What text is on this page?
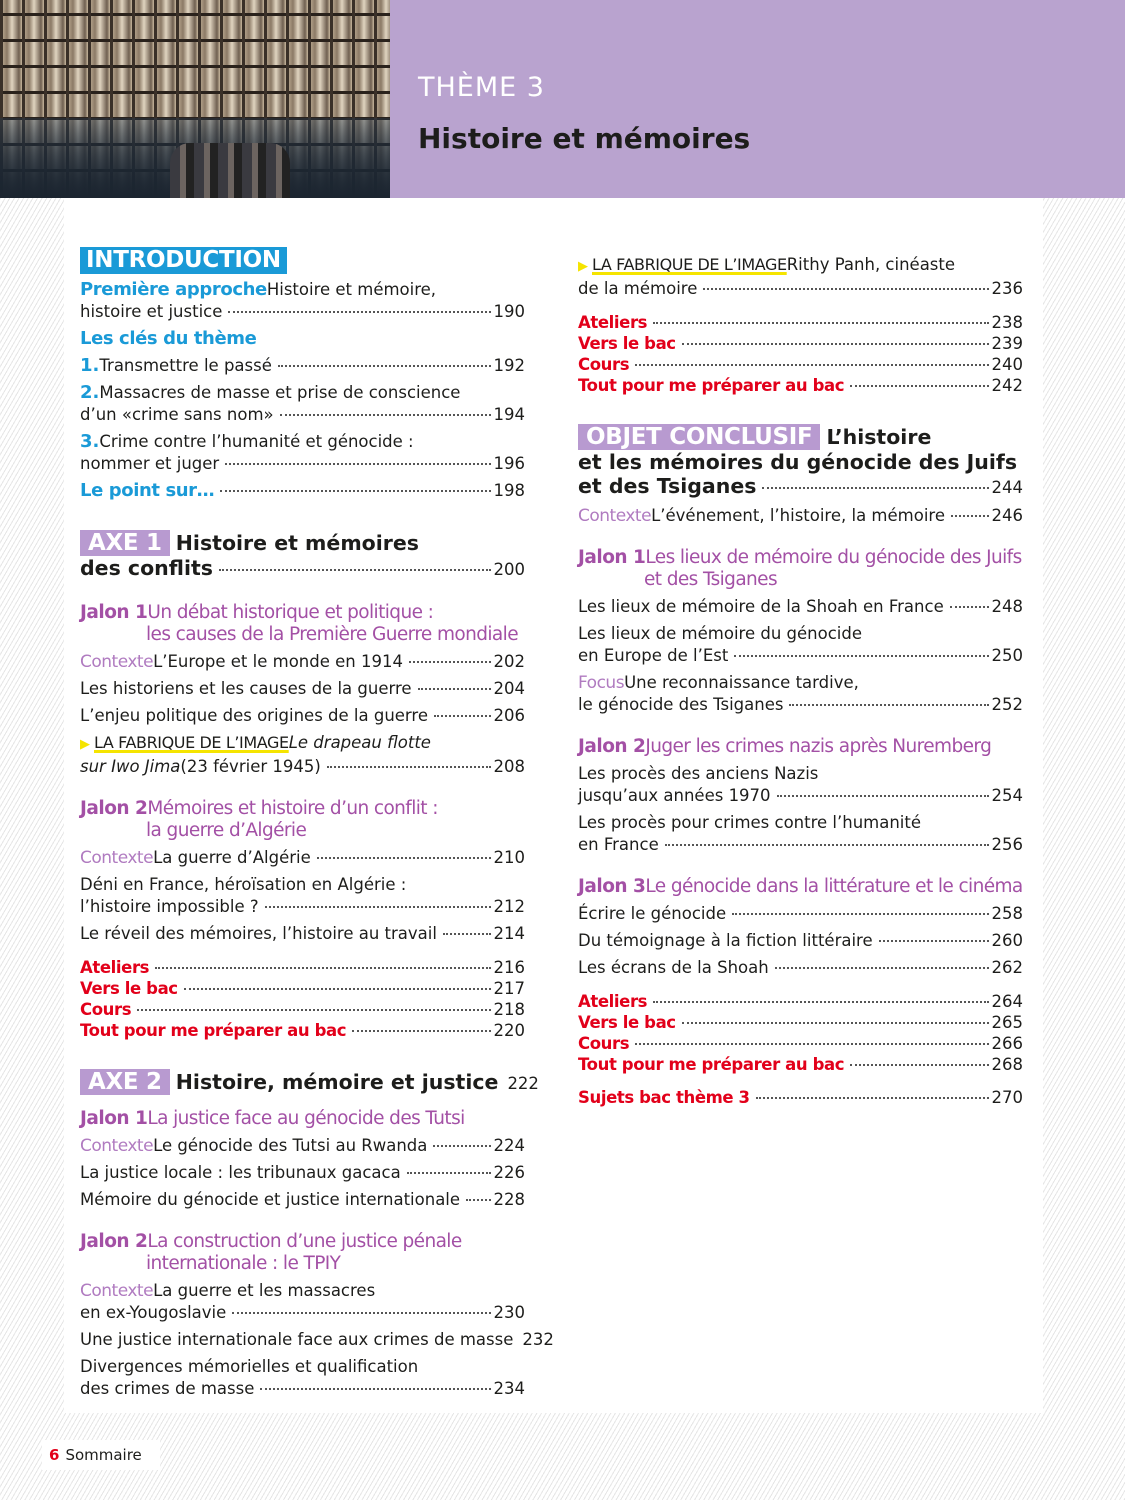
THÈME 3
Histoire et mémoires
INTRODUCTION
Première approche Histoire et mémoire,
histoire et justice	190
Les clés du thème
1. Transmettre le passé	192
2. Massacres de masse et prise de conscience
d’un «crime sans nom»	194
3. Crime contre l’humanité et génocide :
nommer et juger	196
Le point sur…	198
AXE 1 Histoire et mémoires
des conflits	200
Jalon 1 Un débat historique et politique :
les causes de la Première Guerre mondiale
Contexte L’Europe et le monde en 1914	202
Les historiens et les causes de la guerre	204
L’enjeu politique des origines de la guerre	206
▶ LA FABRIQUE DE L’IMAGE Le drapeau flotte
sur Iwo Jima (23 février 1945)	208
Jalon 2 Mémoires et histoire d’un conflit :
la guerre d’Algérie
Contexte La guerre d’Algérie	210
Déni en France, héroïsation en Algérie :
l’histoire impossible ?	212
Le réveil des mémoires, l’histoire au travail	214
Ateliers	216
Vers le bac	217
Cours	218
Tout pour me préparer au bac	220
AXE 2 Histoire, mémoire et justice 222
Jalon 1 La justice face au génocide des Tutsi
Contexte Le génocide des Tutsi au Rwanda	224
La justice locale : les tribunaux gacaca	226
Mémoire du génocide et justice internationale 228
Jalon 2 La construction d’une justice pénale
internationale : le TPIY
Contexte La guerre et les massacres
en ex-Yougoslavie	230
Une justice internationale face aux crimes de masse 232
Divergences mémorielles et qualification
des crimes de masse	234
▶ LA FABRIQUE DE L’IMAGE Rithy Panh, cinéaste
de la mémoire	236
Ateliers	238
Vers le bac	239
Cours	240
Tout pour me préparer au bac	242
OBJET CONCLUSIF L’histoire
et les mémoires du génocide des Juifs
et des Tsiganes	244
Contexte L’événement, l’histoire, la mémoire	246
Jalon 1 Les lieux de mémoire du génocide des Juifs
et des Tsiganes
Les lieux de mémoire de la Shoah en France	248
Les lieux de mémoire du génocide
en Europe de l’Est	250
Focus Une reconnaissance tardive,
le génocide des Tsiganes	252
Jalon 2 Juger les crimes nazis après Nuremberg
Les procès des anciens Nazis
jusqu’aux années 1970	254
Les procès pour crimes contre l’humanité
en France	256
Jalon 3 Le génocide dans la littérature et le cinéma
Écrire le génocide	258
Du témoignage à la fiction littéraire	260
Les écrans de la Shoah	262
Ateliers	264
Vers le bac	265
Cours	266
Tout pour me préparer au bac	268
Sujets bac thème 3	270
6 Sommaire
